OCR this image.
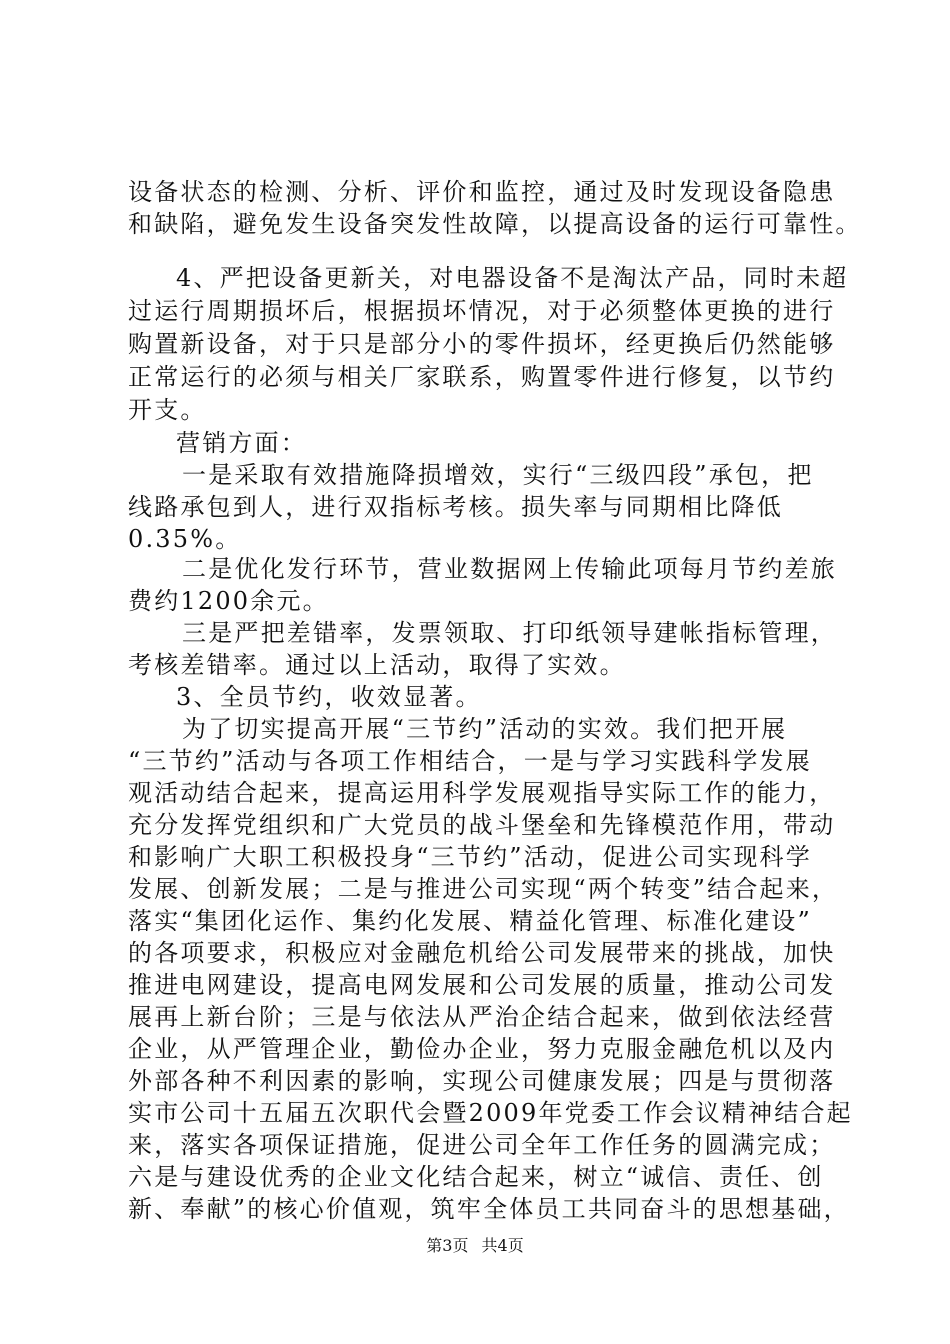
设备状态的检测、分析、评价和监控，通过及时发现设备隐患
和缺陷，避免发生设备突发性故障，以提高设备的运行可靠性。
4、严把设备更新关，对电器设备不是淘汰产品，同时未超
过运行周期损坏后，根据损坏情况，对于必须整体更换的进行
购置新设备，对于只是部分小的零件损坏，经更换后仍然能够
正常运行的必须与相关厂家联系，购置零件进行修复，以节约
开支。
营销方面：
一是采取有效措施降损增效，实行“三级四段”承包，把
线路承包到人，进行双指标考核。损失率与同期相比降低
0.35%。
二是优化发行环节，营业数据网上传输此项每月节约差旅
费约1200余元。
三是严把差错率，发票领取、打印纸领导建帐指标管理，
考核差错率。通过以上活动，取得了实效。
3、全员节约，收效显著。
为了切实提高开展“三节约”活动的实效。我们把开展
“三节约”活动与各项工作相结合，一是与学习实践科学发展
观活动结合起来，提高运用科学发展观指导实际工作的能力，
充分发挥党组织和广大党员的战斗堡垒和先锋模范作用，带动
和影响广大职工积极投身“三节约”活动，促进公司实现科学
发展、创新发展；二是与推进公司实现“两个转变”结合起来，
落实“集团化运作、集约化发展、精益化管理、标准化建设”
的各项要求，积极应对金融危机给公司发展带来的挑战，加快
推进电网建设，提高电网发展和公司发展的质量，推动公司发
展再上新台阶；三是与依法从严治企结合起来，做到依法经营
企业，从严管理企业，勤俭办企业，努力克服金融危机以及内
外部各种不利因素的影响，实现公司健康发展；四是与贯彻落
实市公司十五届五次职代会暨2009年党委工作会议精神结合起
来，落实各项保证措施，促进公司全年工作任务的圆满完成；
六是与建设优秀的企业文化结合起来，树立“诚信、责任、创
新、奉献”的核心价值观，筑牢全体员工共同奋斗的思想基础，
第3页 共4页
